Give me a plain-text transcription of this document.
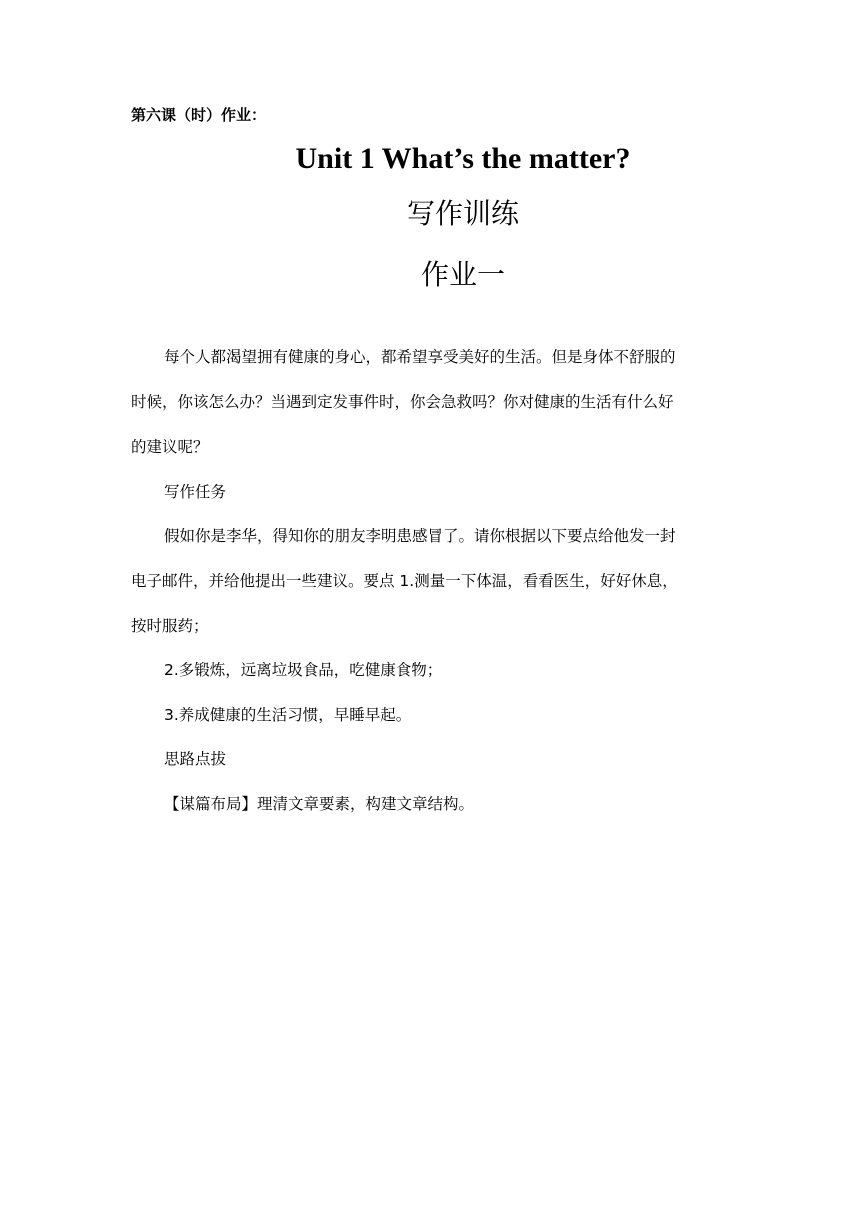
第六课（时）作业：
Unit 1 What’s the matter?
写作训练
作业一
每个人都渴望拥有健康的身心，都希望享受美好的生活。但是身体不舒服的
时候，你该怎么办？当遇到定发事件时，你会急救吗？你对健康的生活有什么好
的建议呢？
写作任务
假如你是李华，得知你的朋友李明患感冒了。请你根据以下要点给他发一封
电子邮件，并给他提出一些建议。要点 1.测量一下体温，看看医生，好好休息，
按时服药；
2.多锻炼，远离垃圾食品，吃健康食物；
3.养成健康的生活习惯，早睡早起。
思路点拔
【谋篇布局】理清文章要素，构建文章结构。
